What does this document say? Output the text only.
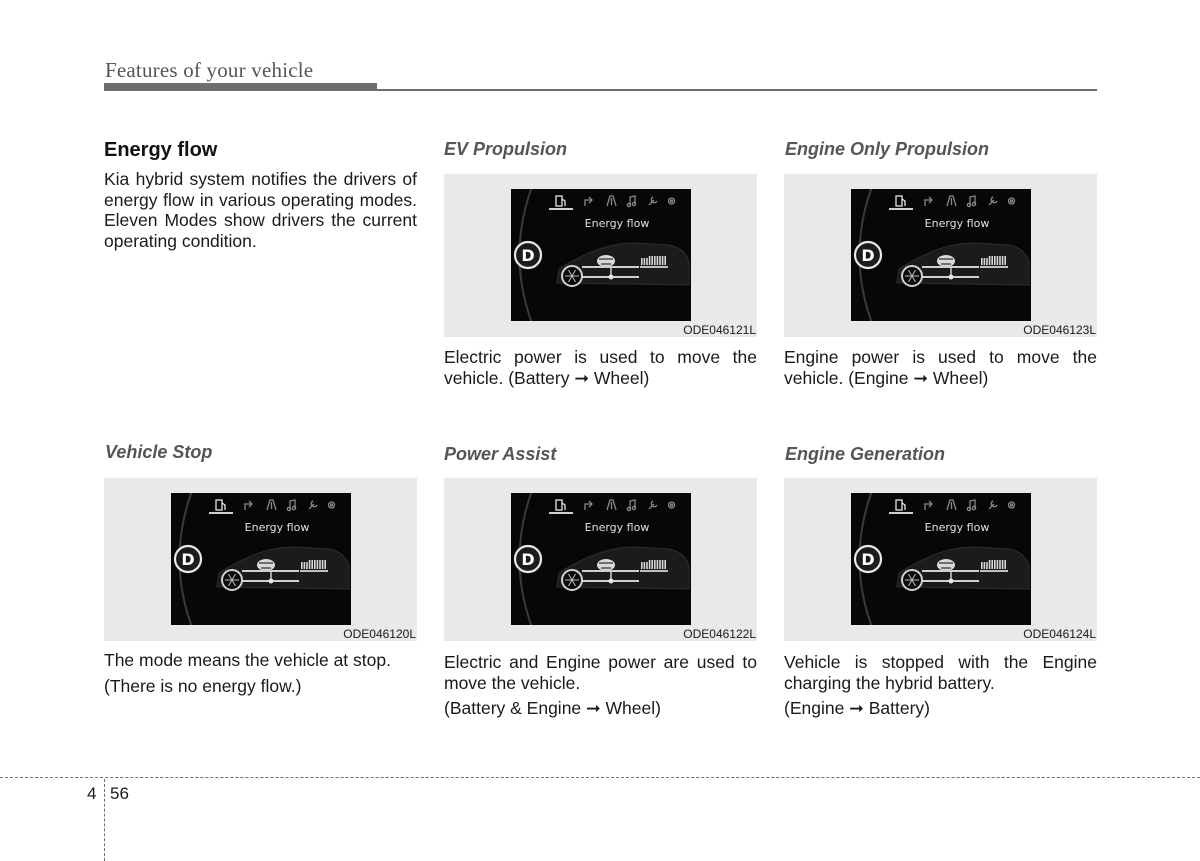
Features of your vehicle
Energy flow
Kia hybrid system notifies the drivers of energy flow in various operating modes. Eleven Modes show drivers the current operating condition.
EV Propulsion
Energy flow
D
ODE046121L

Electric power is used to move the vehicle. (Battery ➞ Wheel)

Engine Only Propulsion
Energy flow
D
ODE046123L

Engine power is used to move the vehicle. (Engine ➞ Wheel)

Vehicle Stop
Energy flow
D
ODE046120L

The mode means the vehicle at stop.

(There is no energy flow.)

Power Assist
Energy flow
D
ODE046122L

Electric and Engine power are used to move the vehicle.

(Battery & Engine ➞ Wheel)

Engine Generation
Energy flow
D
ODE046124L

Vehicle is stopped with the Engine charging the hybrid battery.

(Engine ➞ Battery)

4 56
